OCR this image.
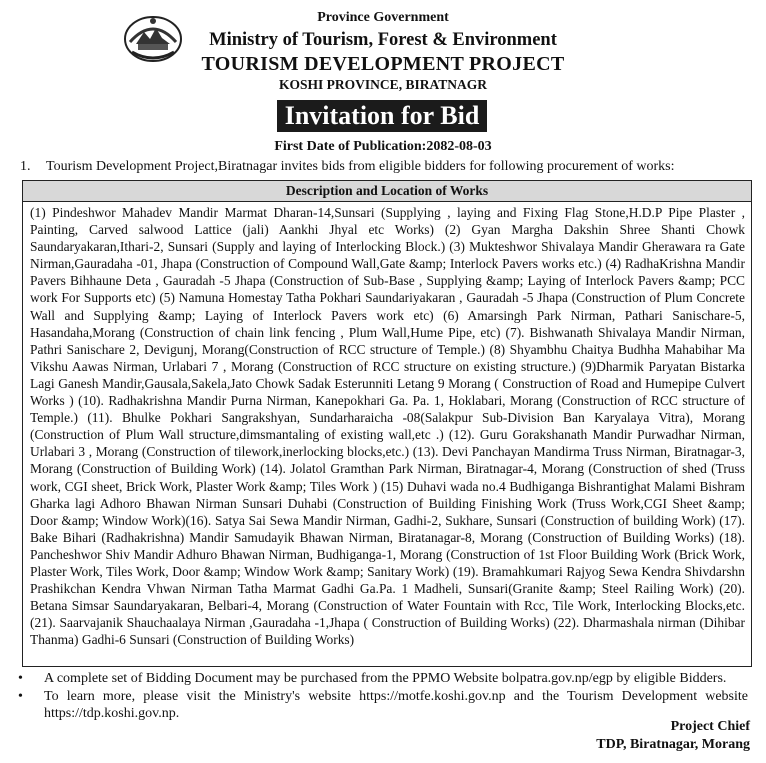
Province Government
Ministry of Tourism, Forest & Environment
TOURISM DEVELOPMENT PROJECT
KOSHI PROVINCE, BIRATNAGR
Invitation for Bid
First Date of Publication:2082-08-03
1. Tourism Development Project,Biratnagar invites bids from eligible bidders for following procurement of works:
Description and Location of Works
(1) Pindeshwor Mahadev Mandir Marmat Dharan-14,Sunsari (Supplying , laying and Fixing Flag Stone,H.D.P Pipe Plaster , Painting, Carved salwood Lattice (jali) Aankhi Jhyal etc Works) (2) Gyan Margha Dakshin Shree Shanti Chowk Saundaryakaran,Ithari-2, Sunsari (Supply and laying of Interlocking Block.) (3) Mukteshwor Shivalaya Mandir Gherawara ra Gate Nirman,Gauradaha -01, Jhapa (Construction of Compound Wall,Gate &amp; Interlock Pavers works etc.) (4) RadhaKrishna Mandir Pavers Bihhaune Deta , Gauradah -5 Jhapa (Construction of Sub-Base , Supplying &amp; Laying of Interlock Pavers &amp; PCC work For Supports etc) (5) Namuna Homestay Tatha Pokhari Saundariyakaran , Gauradah -5 Jhapa (Construction of Plum Concrete Wall and Supplying &amp; Laying of Interlock Pavers work etc) (6) Amarsingh Park Nirman, Pathari Sanischare-5, Hasandaha,Morang (Construction of chain link fencing , Plum Wall,Hume Pipe, etc) (7). Bishwanath Shivalaya Mandir Nirman, Pathri Sanischare 2, Devigunj, Morang(Construction of RCC structure of Temple.) (8) Shyambhu Chaitya Budhha Mahabihar Ma Vikshu Aawas Nirman, Urlabari 7 , Morang (Construction of RCC structure on existing structure.) (9)Dharmik Paryatan Bistarka Lagi Ganesh Mandir,Gausala,Sakela,Jato Chowk Sadak Esterunniti Letang 9 Morang ( Construction of Road and Humepipe Culvert Works ) (10). Radhakrishna Mandir Purna Nirman, Kanepokhari Ga. Pa. 1, Hoklabari, Morang (Construction of RCC structure of Temple.) (11). Bhulke Pokhari Sangrakshyan, Sundarharaicha -08(Salakpur Sub-Division Ban Karyalaya Vitra), Morang (Construction of Plum Wall structure,dimsmantaling of existing wall,etc .) (12). Guru Gorakshanath Mandir Purwadhar Nirman, Urlabari 3 , Morang (Construction of tilework,inerlocking blocks,etc.) (13). Devi Panchayan Mandirma Truss Nirman, Biratnagar-3, Morang (Construction of Building Work) (14). Jolatol Gramthan Park Nirman, Biratnagar-4, Morang (Construction of shed (Truss work, CGI sheet, Brick Work, Plaster Work &amp; Tiles Work ) (15) Duhavi wada no.4 Budhiganga Bishrantighat Malami Bishram Gharka lagi Adhoro Bhawan Nirman Sunsari Duhabi (Construction of Building Finishing Work (Truss Work,CGI Sheet &amp; Door &amp; Window Work)(16). Satya Sai Sewa Mandir Nirman, Gadhi-2, Sukhare, Sunsari (Construction of building Work) (17). Bake Bihari (Radhakrishna) Mandir Samudayik Bhawan Nirman, Biratanagar-8, Morang (Construction of Building Works) (18). Pancheshwor Shiv Mandir Adhuro Bhawan Nirman, Budhiganga-1, Morang (Construction of 1st Floor Building Work (Brick Work, Plaster Work, Tiles Work, Door &amp; Window Work &amp; Sanitary Work) (19). Bramahkumari Rajyog Sewa Kendra Shivdarshn Prashikchan Kendra Vhwan Nirman Tatha Marmat Gadhi Ga.Pa. 1 Madheli, Sunsari(Granite &amp; Steel Railing Work) (20). Betana Simsar Saundaryakaran, Belbari-4, Morang (Construction of Water Fountain with Rcc, Tile Work, Interlocking Blocks,etc. (21). Saarvajanik Shauchaalaya Nirman ,Gauradaha -1,Jhapa ( Construction of Building Works) (22). Dharmashala nirman (Dihibar Thanma) Gadhi-6 Sunsari (Construction of Building Works)
•	A complete set of Bidding Document may be purchased from the PPMO Website bolpatra.gov.np/egp by eligible Bidders.
•	To learn more, please visit the Ministry's website https://motfe.koshi.gov.np and the Tourism Development website https://tdp.koshi.gov.np.
Project Chief
TDP, Biratnagar, Morang
